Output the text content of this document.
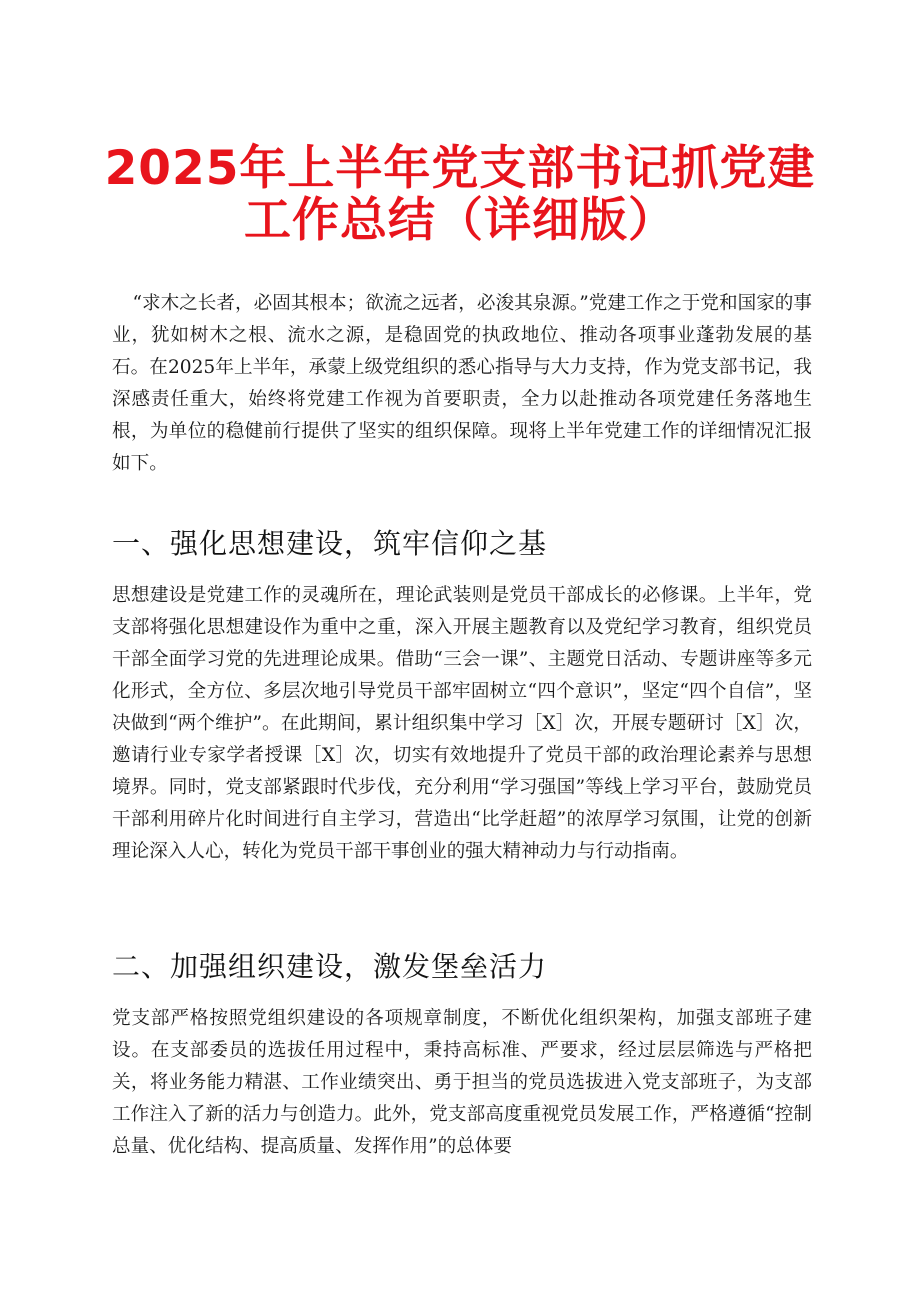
2025年上半年党支部书记抓党建
工作总结（详细版）

“求木之长者，必固其根本；欲流之远者，必浚其泉源。”党建工作之于党和国家的事业，犹如树木之根、流水之源，是稳固党的执政地位、推动各项事业蓬勃发展的基石。在2025年上半年，承蒙上级党组织的悉心指导与大力支持，作为党支部书记，我深感责任重大，始终将党建工作视为首要职责，全力以赴推动各项党建任务落地生根，为单位的稳健前行提供了坚实的组织保障。现将上半年党建工作的详细情况汇报如下。

一、强化思想建设，筑牢信仰之基

思想建设是党建工作的灵魂所在，理论武装则是党员干部成长的必修课。上半年，党支部将强化思想建设作为重中之重，深入开展主题教育以及党纪学习教育，组织党员干部全面学习党的先进理论成果。借助“三会一课”、主题党日活动、专题讲座等多元化形式，全方位、多层次地引导党员干部牢固树立“四个意识”，坚定“四个自信”，坚决做到“两个维护”。在此期间，累计组织集中学习［X］次，开展专题研讨［X］次，邀请行业专家学者授课［X］次，切实有效地提升了党员干部的政治理论素养与思想境界。同时，党支部紧跟时代步伐，充分利用“学习强国”等线上学习平台，鼓励党员干部利用碎片化时间进行自主学习，营造出“比学赶超”的浓厚学习氛围，让党的创新理论深入人心，转化为党员干部干事创业的强大精神动力与行动指南。

二、加强组织建设，激发堡垒活力

党支部严格按照党组织建设的各项规章制度，不断优化组织架构，加强支部班子建设。在支部委员的选拔任用过程中，秉持高标准、严要求，经过层层筛选与严格把关，将业务能力精湛、工作业绩突出、勇于担当的党员选拔进入党支部班子，为支部工作注入了新的活力与创造力。此外，党支部高度重视党员发展工作，严格遵循“控制总量、优化结构、提高质量、发挥作用”的总体要
